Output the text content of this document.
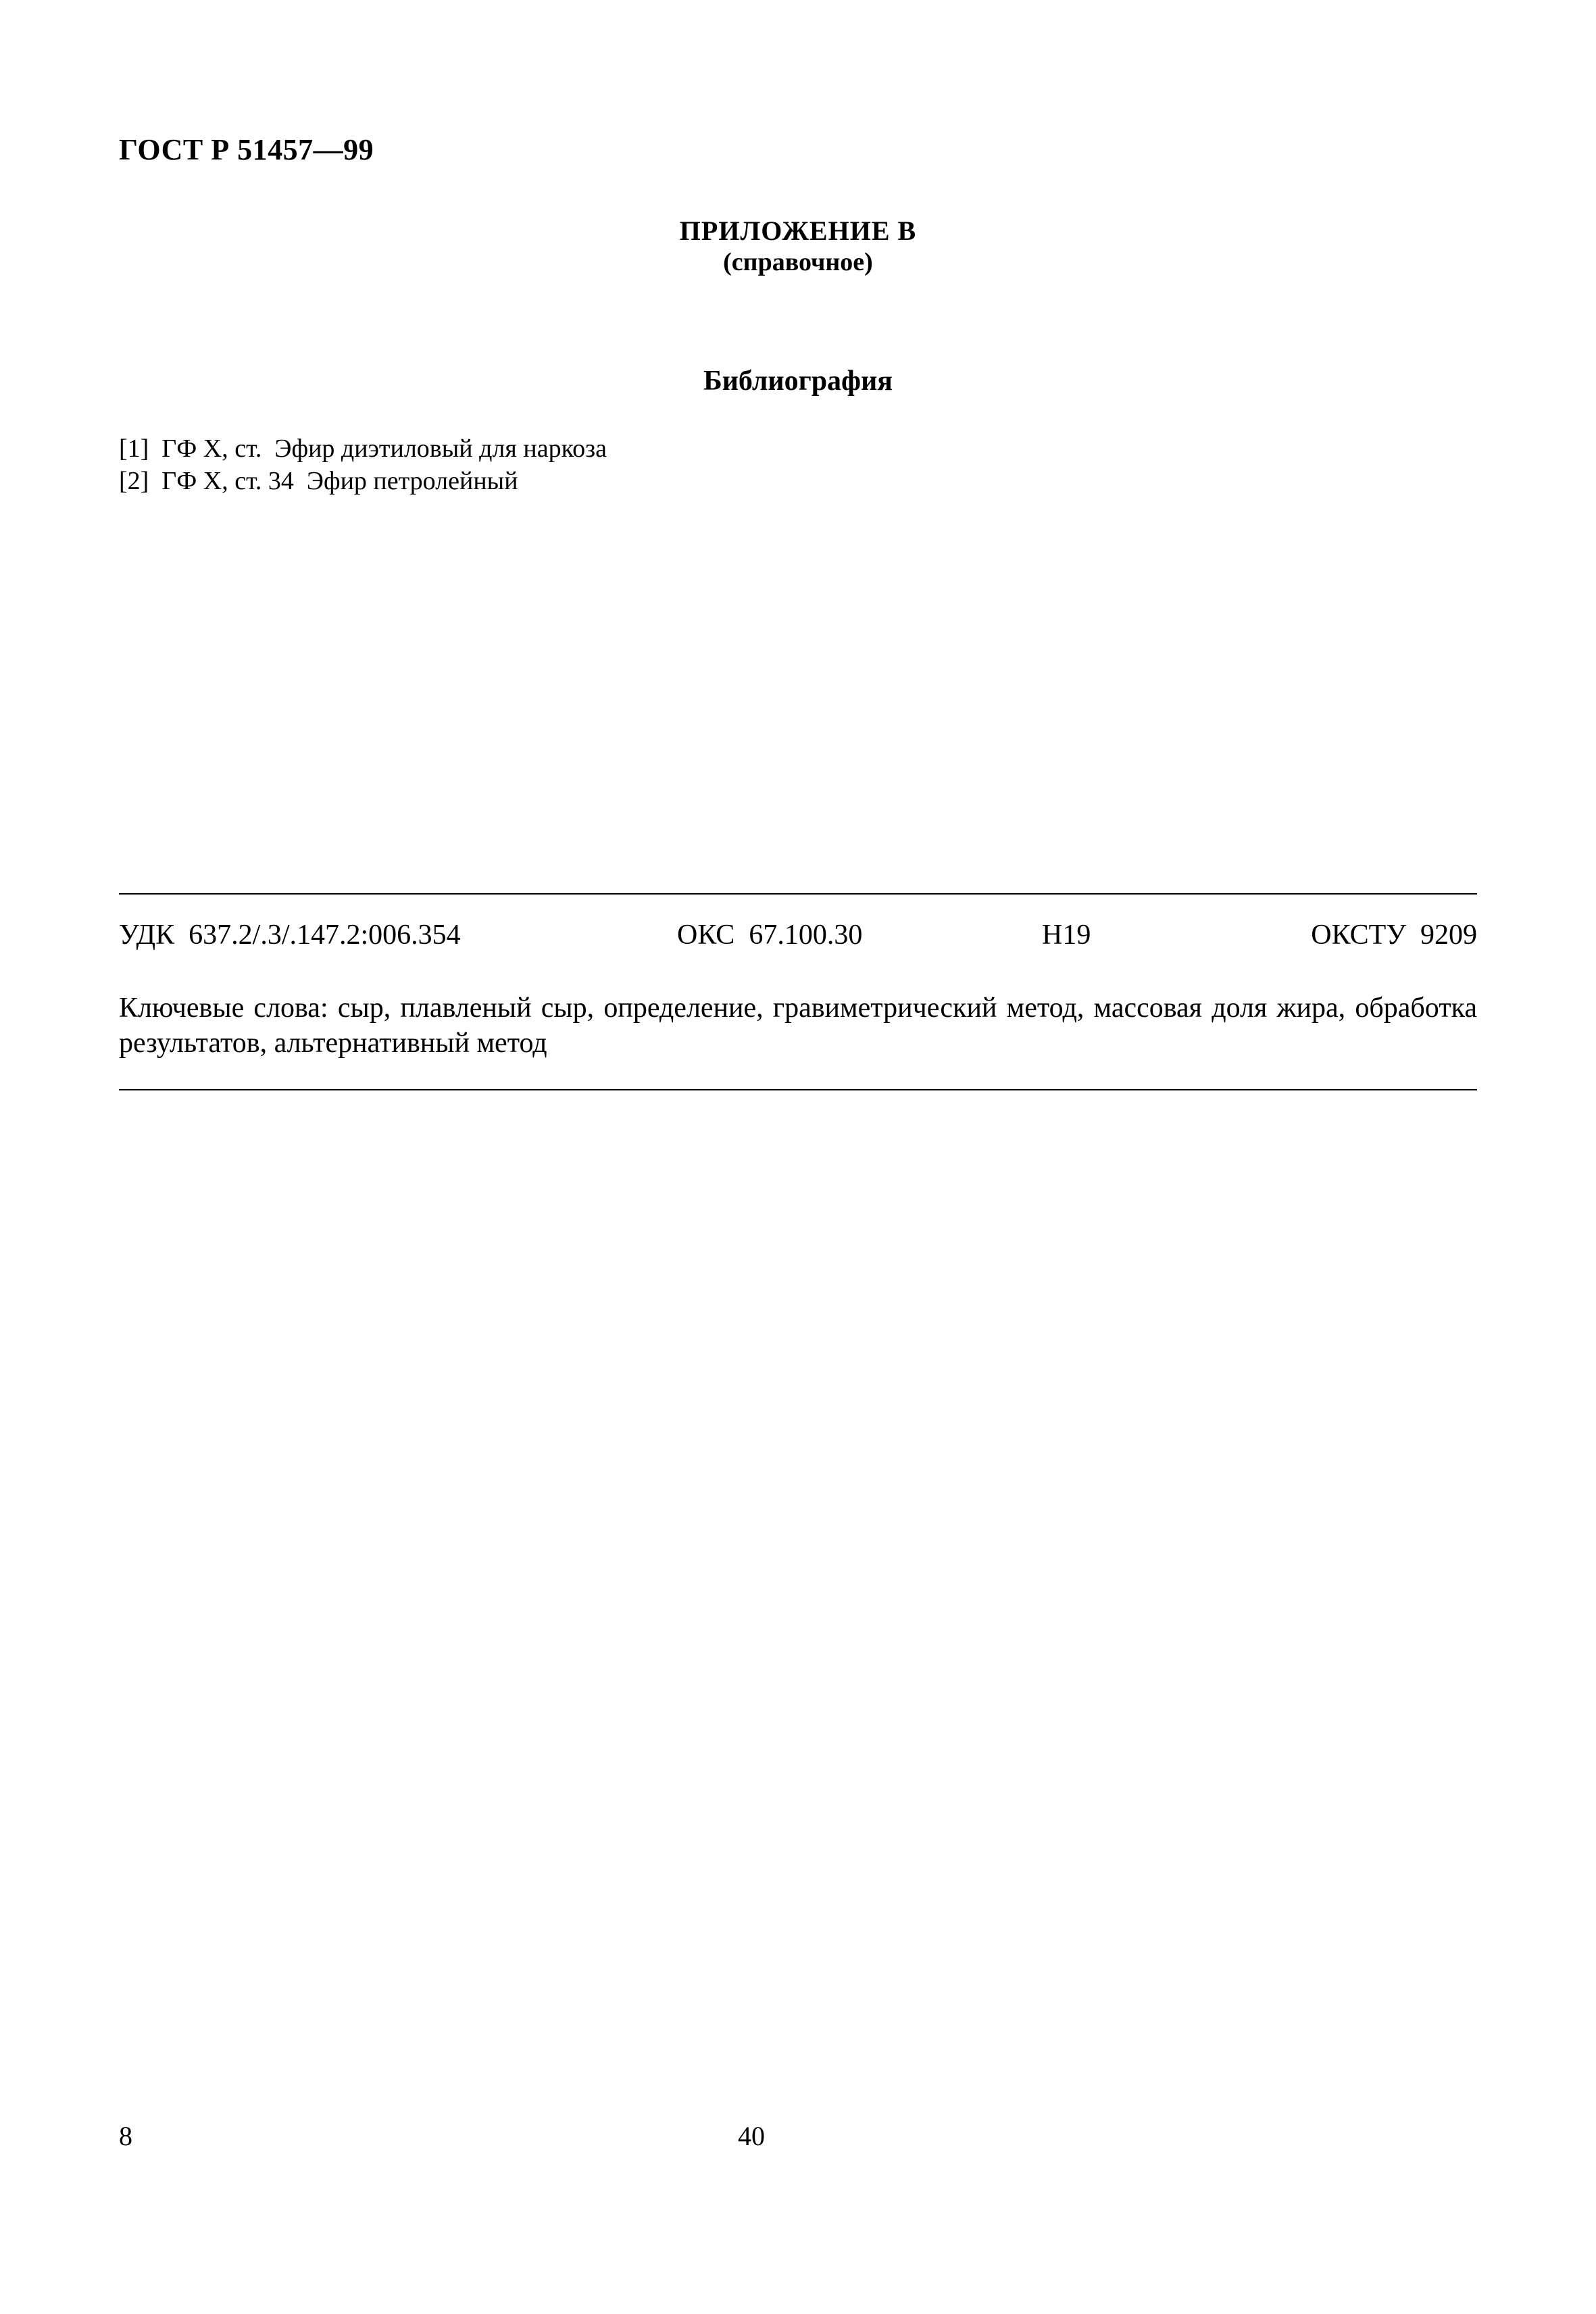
ГОСТ Р 51457—99
ПРИЛОЖЕНИЕ В
(справочное)
Библиография
[1]  ГФ X, ст.  Эфир диэтиловый для наркоза
[2]  ГФ X, ст. 34  Эфир петролейный
УДК  637.2/.3/.147.2:006.354	ОКС  67.100.30	Н19	ОКСТУ  9209
Ключевые слова: сыр, плавленый сыр, определение, гравиметрический метод, массовая доля жира, обработка результатов, альтернативный метод
8	40
